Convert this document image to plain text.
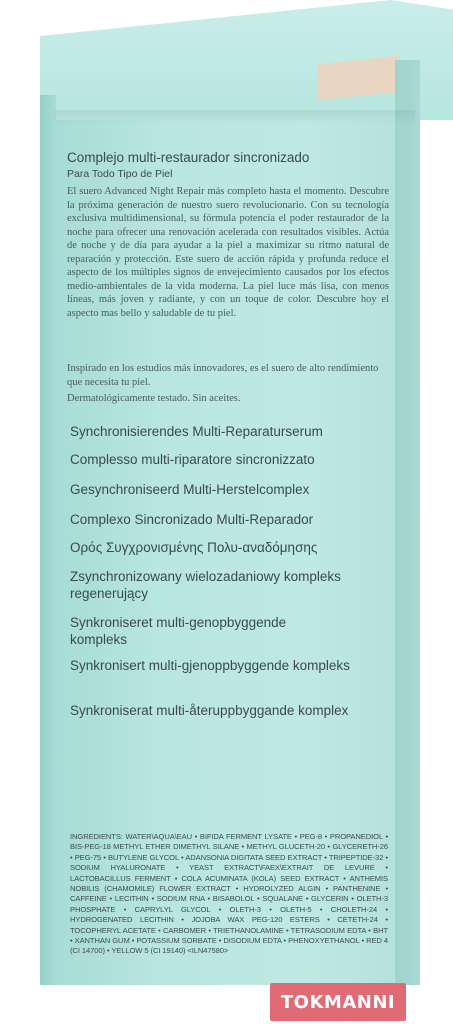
Complejo multi-restaurador sincronizado
Para Todo Tipo de Piel
El suero Advanced Night Repair más completo hasta el momento. Descubre la próxima generación de nuestro suero revolucionario. Con su tecnología exclusiva multidimensional, su fórmula potencia el poder restaurador de la noche para ofrecer una renovación acelerada con resultados visibles. Actúa de noche y de día para ayudar a la piel a maximizar su ritmo natural de reparación y protección. Este suero de acción rápida y profunda reduce el aspecto de los múltiples signos de envejecimiento causados por los efectos medio-ambientales de la vida moderna. La piel luce más lisa, con menos líneas, más joven y radiante, y con un toque de color. Descubre hoy el aspecto mas bello y saludable de tu piel.
Inspirado en los estudios más innovadores, es el suero de alto rendimiento que necesita tu piel.
Dermatológicamente testado. Sin aceites.
Synchronisierendes Multi-Reparaturserum
Complesso multi-riparatore sincronizzato
Gesynchroniseerd Multi-Herstelcomplex
Complexo Sincronizado Multi-Reparador
Ορός Συγχρονισμένης Πολυ-αναδόμησης
Zsynchronizowany wielozadaniowy kompleks regenerujący
Synkroniseret multi-genopbyggende kompleks
Synkronisert multi-gjenoppbyggende kompleks
Synkroniserat multi-återuppbyggande komplex
INGREDIENTS: WATER\AQUA\EAU • BIFIDA FERMENT LYSATE • PEG-8 • PROPANEDIOL • BIS-PEG-18 METHYL ETHER DIMETHYL SILANE • METHYL GLUCETH-20 • GLYCERETH-26 • PEG-75 • BUTYLENE GLYCOL • ADANSONIA DIGITATA SEED EXTRACT • TRIPEPTIDE-32 • SODIUM HYALURONATE • YEAST EXTRACT\FAEX\EXTRAIT DE LEVURE • LACTOBACILLUS FERMENT • COLA ACUMINATA (KOLA) SEED EXTRACT • ANTHEMIS NOBILIS (CHAMOMILE) FLOWER EXTRACT • HYDROLYZED ALGIN • PANTHENINE • CAFFEINE • LECITHIN • SODIUM RNA • BISABOLOL • SQUALANE • GLYCERIN • OLETH-3 PHOSPHATE • CAPRYLYL GLYCOL • OLETH-3 • OLETH-5 • CHOLETH-24 • HYDROGENATED LECITHIN • JOJOBA WAX PEG-120 ESTERS • CETETH-24 • TOCOPHERYL ACETATE • CARBOMER • TRIETHANOLAMINE • TETRASODIUM EDTA • BHT • XANTHAN GUM • POTASSIUM SORBATE • DISODIUM EDTA • PHENOXYETHANOL • RED 4 (CI 14700) • YELLOW 5 (CI 19140) <ILN47580>
TOKMANNI
